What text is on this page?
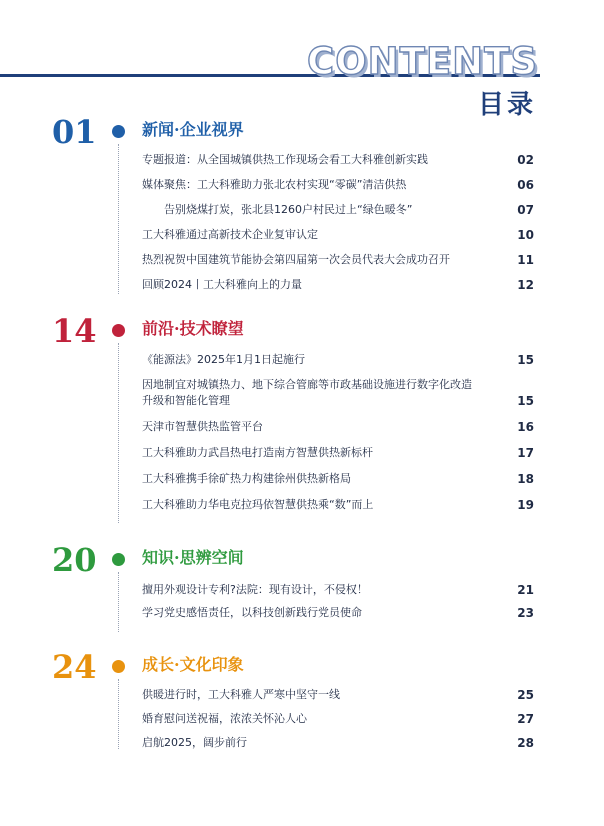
CONTENTS
目录
01	新闻·企业视界
专题报道：从全国城镇供热工作现场会看工大科雅创新实践	02
媒体聚焦：工大科雅助力张北农村实现“零碳”清洁供热	06
告别烧煤打炭，张北县1260户村民过上“绿色暖冬”	07
工大科雅通过高新技术企业复审认定	10
热烈祝贺中国建筑节能协会第四届第一次会员代表大会成功召开	11
回顾2024丨工大科雅向上的力量	12
14	前沿·技术瞭望
《能源法》2025年1月1日起施行	15
因地制宜对城镇热力、地下综合管廊等市政基础设施进行数字化改造升级和智能化管理	15
天津市智慧供热监管平台	16
工大科雅助力武昌热电打造南方智慧供热新标杆	17
工大科雅携手徐矿热力构建徐州供热新格局	18
工大科雅助力华电克拉玛依智慧供热乘“数”而上	19
20	知识·思辨空间
擅用外观设计专利?法院：现有设计，不侵权！	21
学习党史感悟责任，以科技创新践行党员使命	23
24	成长·文化印象
供暖进行时，工大科雅人严寒中坚守一线	25
婚育慰问送祝福，浓浓关怀沁人心	27
启航2025，阔步前行	28
